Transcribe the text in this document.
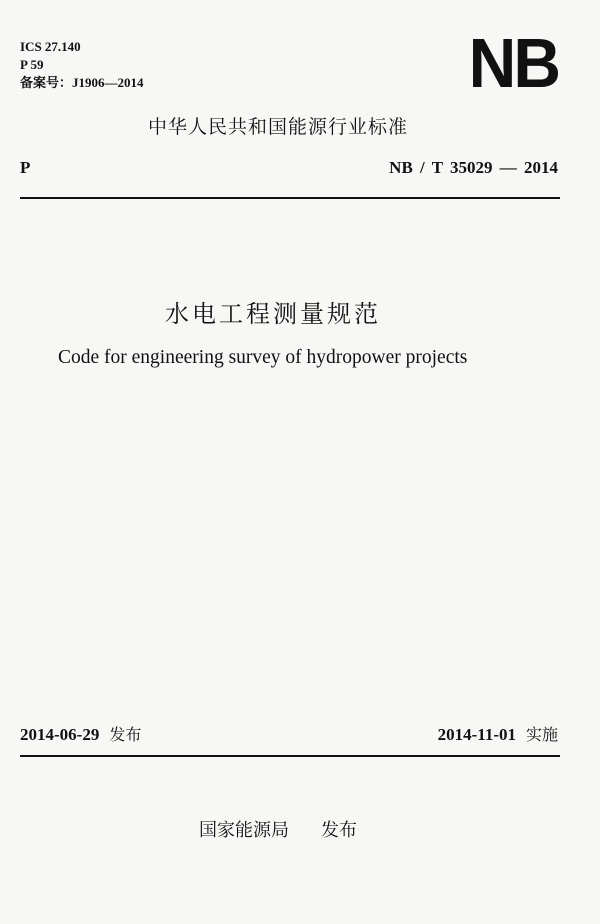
ICS 27.140
P 59
备案号：J1906—2014	NB
中华人民共和国能源行业标准
P	NB / T 35029 — 2014
水电工程测量规范
Code for engineering survey of hydropower projects
2014-06-29 发布	2014-11-01 实施
国家能源局 发布
